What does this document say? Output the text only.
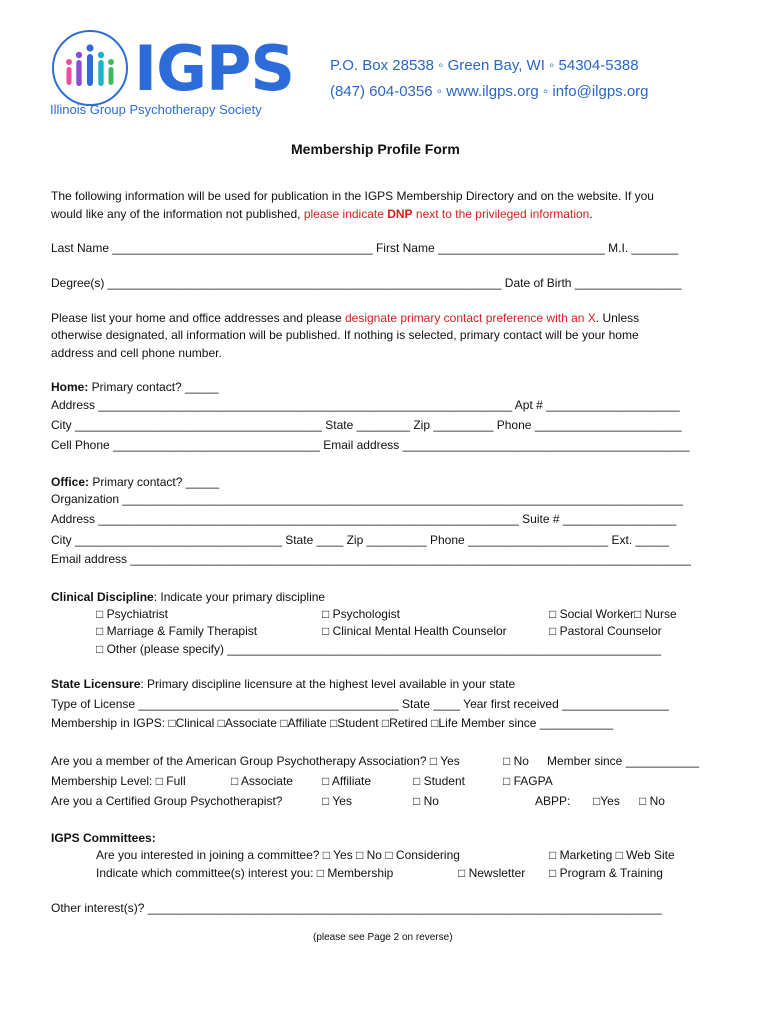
IGPS
Illinois Group Psychotherapy Society
P.O. Box 28538 ◦ Green Bay, WI ◦ 54304-5388
(847) 604-0356 ◦ www.ilgps.org ◦ info@ilgps.org
Membership Profile Form
The following information will be used for publication in the IGPS Membership Directory and on the website. If you
would like any of the information not published, please indicate DNP next to the privileged information.
Last Name _______________________________________ First Name _________________________ M.I. _______
Degree(s) ___________________________________________________________ Date of Birth ________________
Please list your home and office addresses and please designate primary contact preference with an X. Unless
otherwise designated, all information will be published. If nothing is selected, primary contact will be your home
address and cell phone number.
Home: Primary contact? _____
Address ______________________________________________________________ Apt # ____________________
City _____________________________________ State ________ Zip _________ Phone ______________________
Cell Phone _______________________________ Email address ___________________________________________
Office: Primary contact? _____
Organization ____________________________________________________________________________________
Address _______________________________________________________________ Suite # _________________
City _______________________________ State ____ Zip _________ Phone _____________________ Ext. _____
Email address ____________________________________________________________________________________
Clinical Discipline: Indicate your primary discipline
□ Psychiatrist	□ Psychologist	□ Social Worker□ Nurse
□ Marriage & Family Therapist	□ Clinical Mental Health Counselor	□ Pastoral Counselor
□ Other (please specify) _________________________________________________________________
State Licensure: Primary discipline licensure at the highest level available in your state
Type of License _______________________________________ State ____ Year first received ________________
Membership in IGPS: □Clinical □Associate □Affiliate □Student □Retired □Life Member since ___________
Are you a member of the American Group Psychotherapy Association? □ Yes	□ No Member since ___________
Membership Level: □ Full	□ Associate □ Affiliate	□ Student	□ FAGPA
Are you a Certified Group Psychotherapist?	□ Yes	□ No	ABPP: □Yes □ No
IGPS Committees:
Are you interested in joining a committee? □ Yes □ No □ Considering	□ Marketing □ Web Site
Indicate which committee(s) interest you: □ Membership	□ Newsletter □ Program & Training
Other interest(s)? _____________________________________________________________________________
(please see Page 2 on reverse)
